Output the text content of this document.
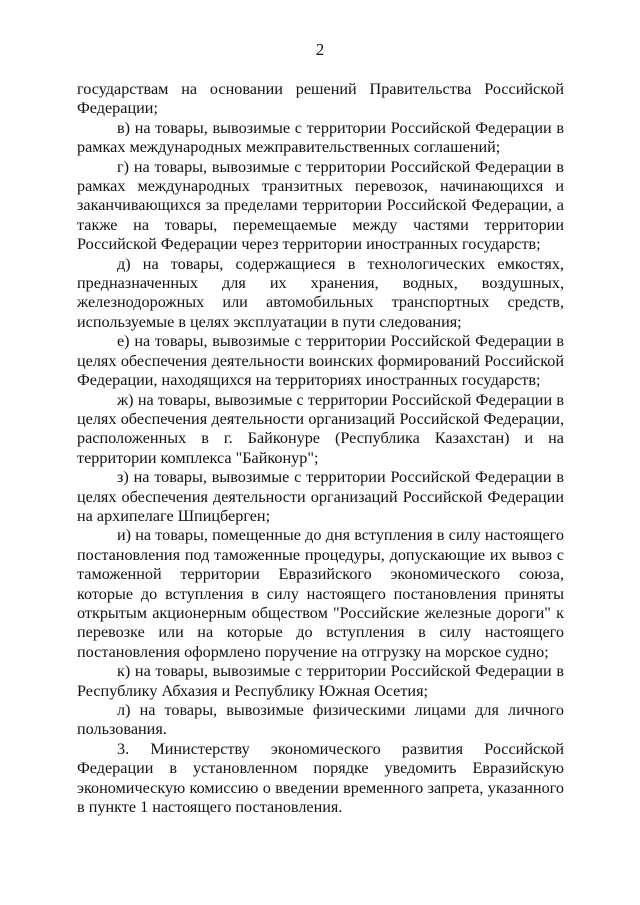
2

государствам на основании решений Правительства Российской Федерации;

в) на товары, вывозимые с территории Российской Федерации в рамках международных межправительственных соглашений;

г) на товары, вывозимые с территории Российской Федерации в рамках международных транзитных перевозок, начинающихся и заканчивающихся за пределами территории Российской Федерации, а также на товары, перемещаемые между частями территории Российской Федерации через территории иностранных государств;

д) на товары, содержащиеся в технологических емкостях, предназначенных для их хранения, водных, воздушных, железнодорожных или автомобильных транспортных средств, используемые в целях эксплуатации в пути следования;

е) на товары, вывозимые с территории Российской Федерации в целях обеспечения деятельности воинских формирований Российской Федерации, находящихся на территориях иностранных государств;

ж) на товары, вывозимые с территории Российской Федерации в целях обеспечения деятельности организаций Российской Федерации, расположенных в г. Байконуре (Республика Казахстан) и на территории комплекса "Байконур";

з) на товары, вывозимые с территории Российской Федерации в целях обеспечения деятельности организаций Российской Федерации на архипелаге Шпицберген;

и) на товары, помещенные до дня вступления в силу настоящего постановления под таможенные процедуры, допускающие их вывоз с таможенной территории Евразийского экономического союза, которые до вступления в силу настоящего постановления приняты открытым акционерным обществом "Российские железные дороги" к перевозке или на которые до вступления в силу настоящего постановления оформлено поручение на отгрузку на морское судно;

к) на товары, вывозимые с территории Российской Федерации в Республику Абхазия и Республику Южная Осетия;

л) на товары, вывозимые физическими лицами для личного пользования.

3. Министерству экономического развития Российской Федерации в установленном порядке уведомить Евразийскую экономическую комиссию о введении временного запрета, указанного в пункте 1 настоящего постановления.
